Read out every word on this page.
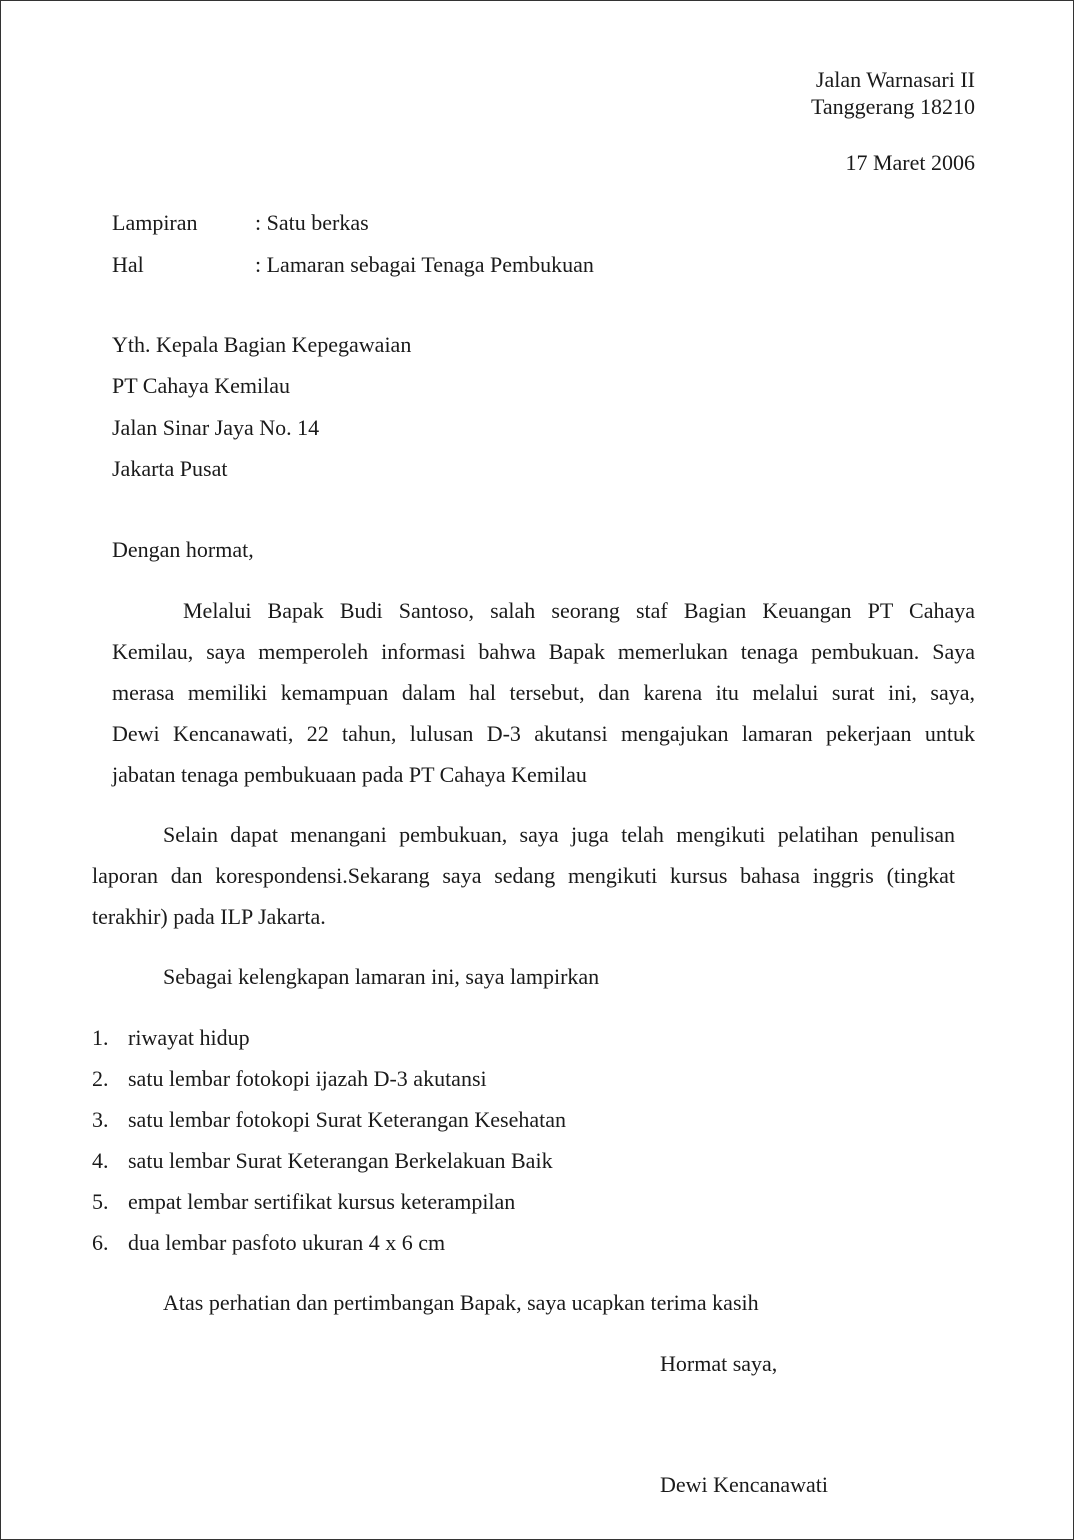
Jalan Warnasari II
Tanggerang 18210
17 Maret 2006
Lampiran	: Satu berkas
Hal	: Lamaran sebagai Tenaga Pembukuan
Yth. Kepala Bagian Kepegawaian
PT Cahaya Kemilau
Jalan Sinar Jaya No. 14
Jakarta Pusat
Dengan hormat,
Melalui Bapak Budi Santoso, salah seorang staf Bagian Keuangan PT Cahaya
Kemilau, saya memperoleh informasi bahwa Bapak memerlukan tenaga pembukuan. Saya
merasa memiliki kemampuan dalam hal tersebut, dan karena itu melalui surat ini, saya,
Dewi Kencanawati, 22 tahun, lulusan D-3 akutansi mengajukan lamaran pekerjaan untuk
jabatan tenaga pembukuaan pada PT Cahaya Kemilau
Selain dapat menangani pembukuan, saya juga telah mengikuti pelatihan penulisan
laporan dan korespondensi.Sekarang saya sedang mengikuti kursus bahasa inggris (tingkat
terakhir) pada ILP Jakarta.
Sebagai kelengkapan lamaran ini, saya lampirkan
1. riwayat hidup
2. satu lembar fotokopi ijazah D-3 akutansi
3. satu lembar fotokopi Surat Keterangan Kesehatan
4. satu lembar Surat Keterangan Berkelakuan Baik
5. empat lembar sertifikat kursus keterampilan
6. dua lembar pasfoto ukuran 4 x 6 cm
Atas perhatian dan pertimbangan Bapak, saya ucapkan terima kasih
Hormat saya,
Dewi Kencanawati
